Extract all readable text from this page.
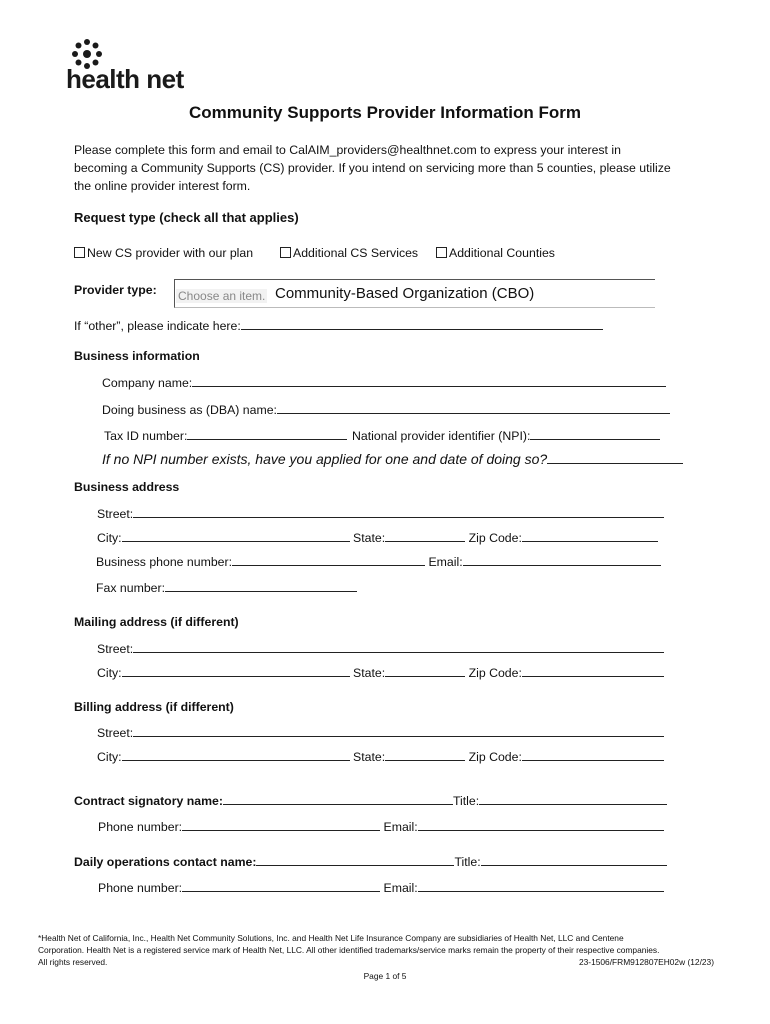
health net
Community Supports Provider Information Form
Please complete this form and email to CalAIM_providers@healthnet.com to express your interest in becoming a Community Supports (CS) provider. If you intend on servicing more than 5 counties, please utilize the online provider interest form.
Request type (check all that applies)
New CS provider with our plan	Additional CS Services	Additional Counties
Provider type: Choose an item. Community-Based Organization (CBO)
If “other”, please indicate here:
Business information
Company name:
Doing business as (DBA) name:
Tax ID number:	National provider identifier (NPI):
If no NPI number exists, have you applied for one and date of doing so?
Business address
Street:
City:	State:	Zip Code:
Business phone number:	Email:
Fax number:
Mailing address (if different)
Street:
City:	State:	Zip Code:
Billing address (if different)
Street:
City:	State:	Zip Code:
Contract signatory name:	Title:
Phone number:	Email:
Daily operations contact name:	Title:
Phone number:	Email:
*Health Net of California, Inc., Health Net Community Solutions, Inc. and Health Net Life Insurance Company are subsidiaries of Health Net, LLC and Centene
Corporation. Health Net is a registered service mark of Health Net, LLC. All other identified trademarks/service marks remain the property of their respective companies.
All rights reserved.	23-1506/FRM912807EH02w (12/23)
Page 1 of 5
